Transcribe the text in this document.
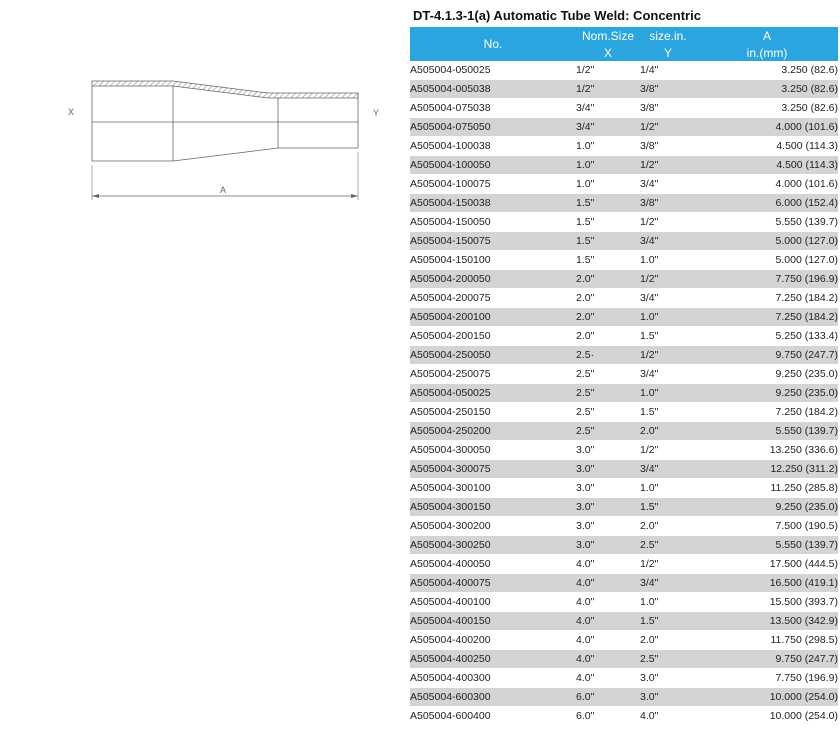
A
X	Y
DT-4.1.3-1(a) Automatic Tube Weld: Concentric
No.	Nom.Size	size.in.	A
	X	Y	in.(mm)
A505004-050025	1/2"	1/4"	3.250 (82.6)
A505004-005038	1/2"	3/8"	3.250 (82.6)
A505004-075038	3/4"	3/8"	3.250 (82.6)
A505004-075050	3/4"	1/2"	4.000 (101.6)
A505004-100038	1.0"	3/8"	4.500 (114.3)
A505004-100050	1.0"	1/2"	4.500 (114.3)
A505004-100075	1.0"	3/4"	4.000 (101.6)
A505004-150038	1.5"	3/8"	6.000 (152.4)
A505004-150050	1.5"	1/2"	5.550 (139.7)
A505004-150075	1.5"	3/4"	5.000 (127.0)
A505004-150100	1.5"	1.0"	5.000 (127.0)
A505004-200050	2.0"	1/2"	7.750 (196.9)
A505004-200075	2.0"	3/4"	7.250 (184.2)
A505004-200100	2.0"	1.0"	7.250 (184.2)
A505004-200150	2.0"	1.5"	5.250 (133.4)
A505004-250050	2.5·	1/2"	9.750 (247.7)
A505004-250075	2.5"	3/4"	9.250 (235.0)
A505004-050025	2.5"	1.0"	9.250 (235.0)
A505004-250150	2.5"	1.5"	7.250 (184.2)
A505004-250200	2.5"	2.0"	5.550 (139.7)
A505004-300050	3.0"	1/2"	13.250 (336.6)
A505004-300075	3.0"	3/4"	12.250 (311.2)
A505004-300100	3.0"	1.0"	11.250 (285.8)
A505004-300150	3.0"	1.5"	9.250 (235.0)
A505004-300200	3.0"	2.0"	7.500 (190.5)
A505004-300250	3.0"	2.5"	5.550 (139.7)
A505004-400050	4.0"	1/2"	17.500 (444.5)
A505004-400075	4.0"	3/4"	16.500 (419.1)
A505004-400100	4.0"	1.0"	15.500 (393.7)
A505004-400150	4.0"	1.5"	13.500 (342.9)
A505004-400200	4.0"	2.0"	11.750 (298.5)
A505004-400250	4.0"	2.5"	9.750 (247.7)
A505004-400300	4.0"	3.0"	7.750 (196.9)
A505004-600300	6.0"	3.0"	10.000 (254.0)
A505004-600400	6.0"	4.0"	10.000 (254.0)
